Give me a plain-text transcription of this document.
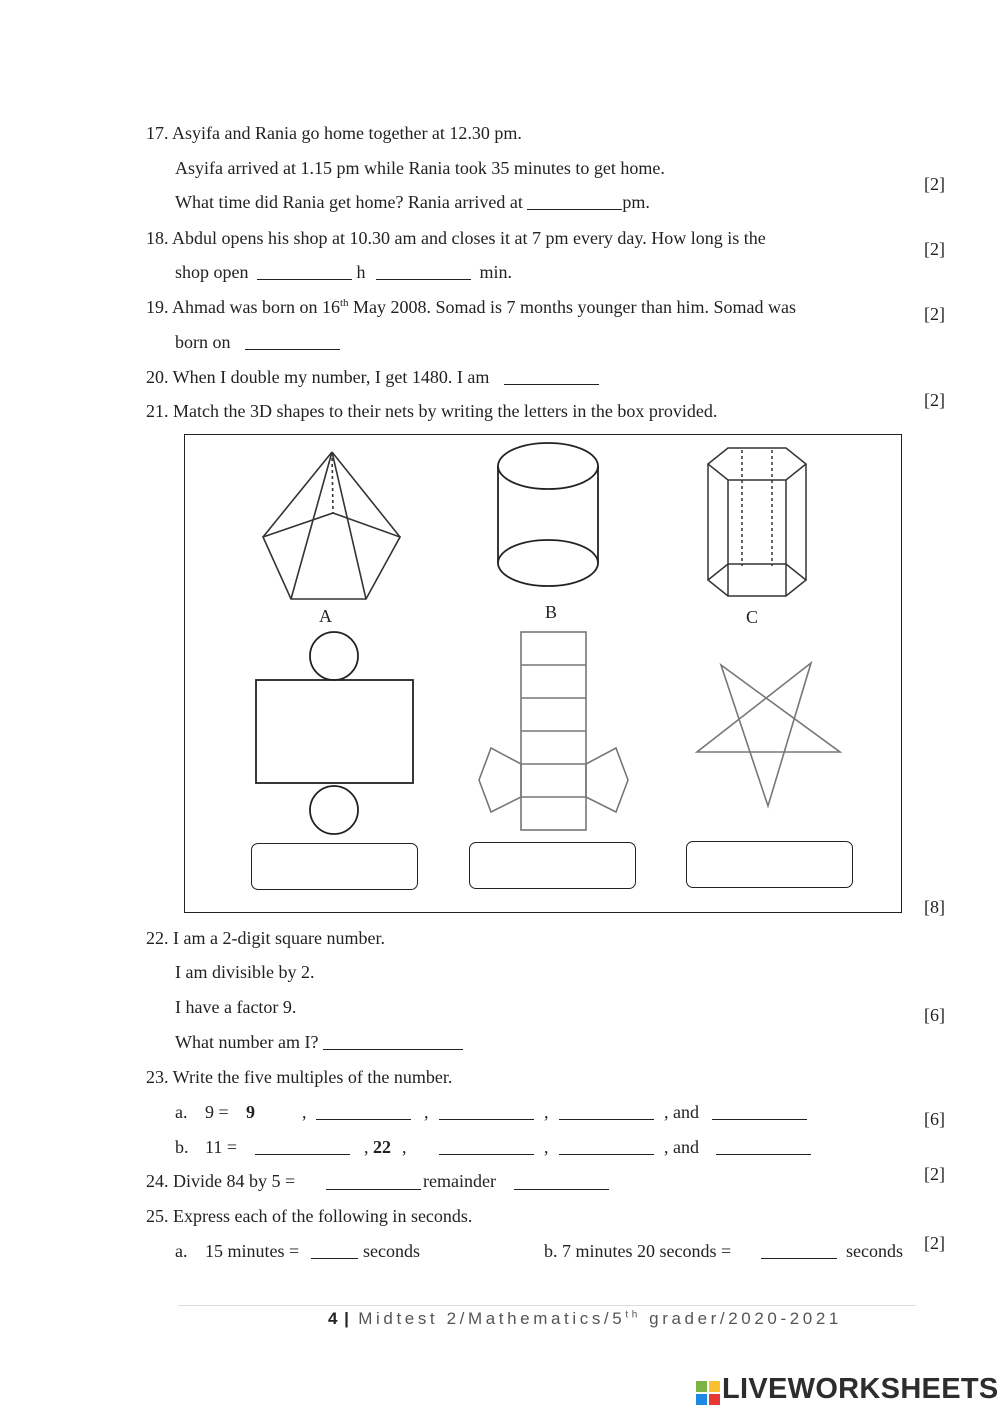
17. Asyifa and Rania go home together at 12.30 pm.
Asyifa arrived at 1.15 pm while Rania took 35 minutes to get home.
What time did Rania get home? Rania arrived at	pm.
[2]
18. Abdul opens his shop at 10.30 am and closes it at 7 pm every day. How long is the
shop open	h	min.
[2]
19. Ahmad was born on 16th May 2008. Somad is 7 months younger than him. Somad was
born on
[2]
20. When I double my number, I get 1480. I am
[2]
21. Match the 3D shapes to their nets by writing the letters in the box provided.
A	B	C
[8]
22. I am a 2-digit square number.
I am divisible by 2.
I have a factor 9.
What number am I?
[6]
23. Write the five multiples of the number.
a. 9 = 9	,	,	,	, and
b. 11 =	, 22 ,	,	, and
[6]
24. Divide 84 by 5 =	remainder	[2]
25. Express each of the following in seconds.
a. 15 minutes =	seconds	b. 7 minutes 20 seconds =	seconds [2]
4 | Midtest 2/Mathematics/5th grader/2020-2021
LIVEWORKSHEETS
